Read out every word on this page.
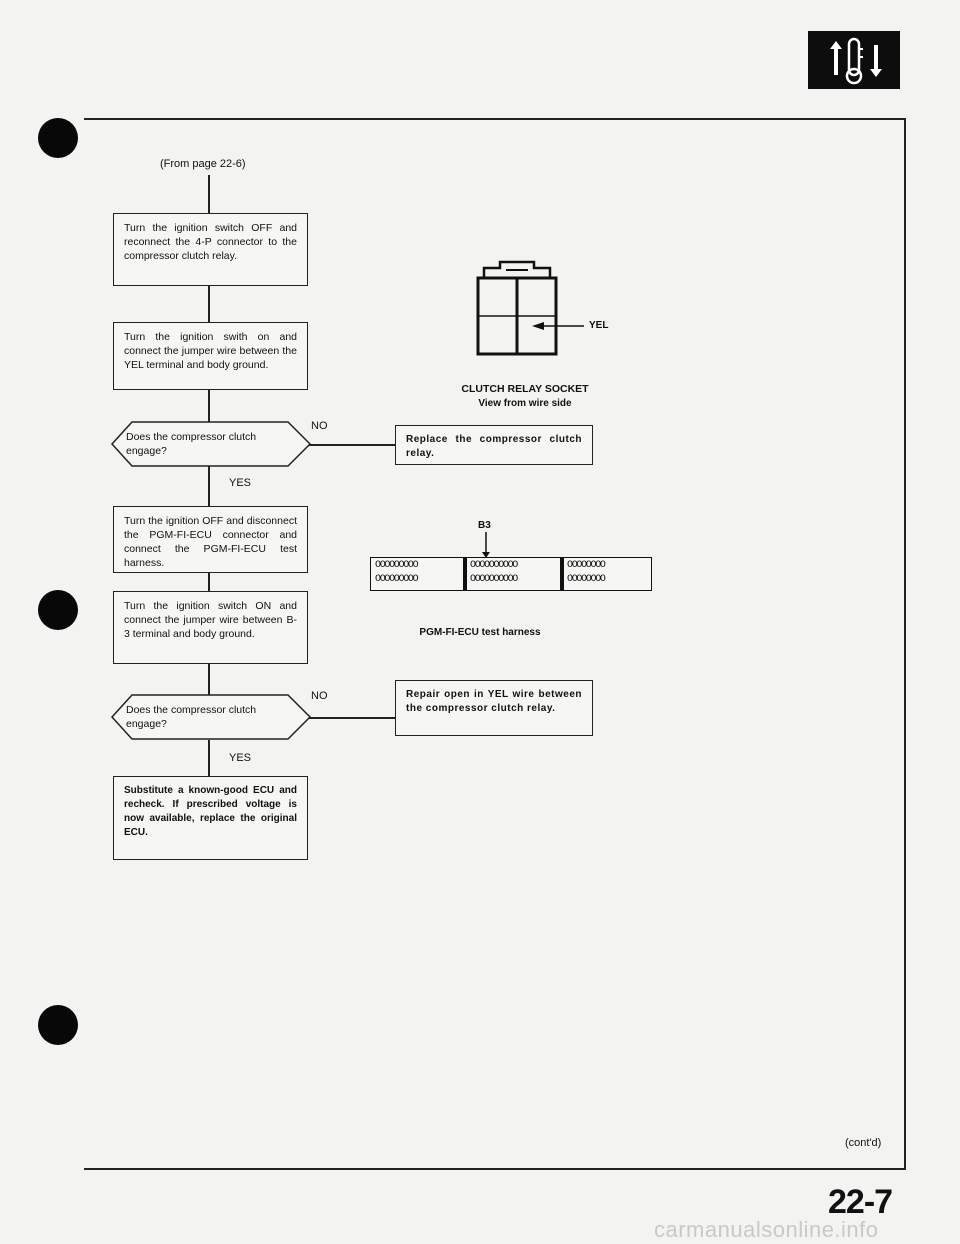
(From page 22-6)
Turn the ignition switch OFF and reconnect the 4-P connector to the compressor clutch relay.
Turn the ignition swith on and connect the jumper wire between the YEL terminal and body ground.
Does the compressor clutch engage?
NO
Replace the compressor clutch relay.
YES
Turn the ignition OFF and disconnect the PGM-FI-ECU connector and connect the PGM-FI-ECU test harness.
Turn the ignition switch ON and connect the jumper wire between B-3 terminal and body ground.
Does the compressor clutch engage?
NO	Repair open in YEL wire between the compressor clutch relay.
YES
Substitute a known-good ECU and recheck. If prescribed voltage is now available, replace the original ECU.
YEL
CLUTCH RELAY SOCKET
View from wire side
B3
OOOOOOOOO	OOOOOOOOOO	OOOOOOOO
OOOOOOOOO	OOOOOOOOOO	OOOOOOOO
PGM-FI-ECU test harness
(cont'd)
22-7
carmanualsonline.info
